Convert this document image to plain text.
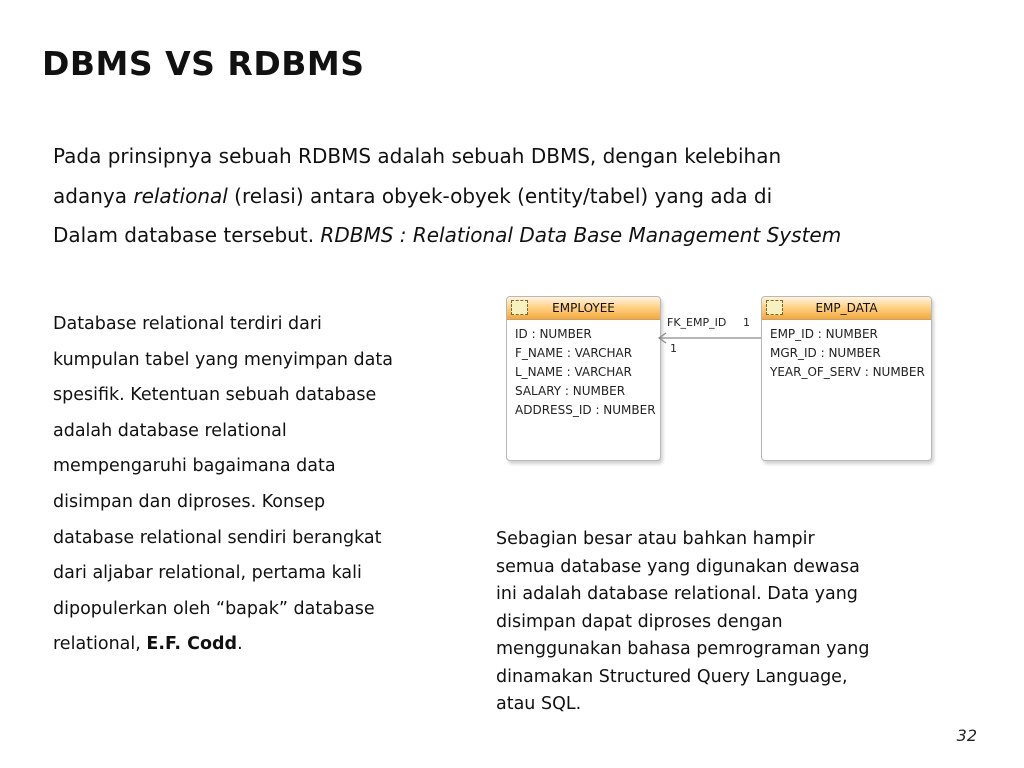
DBMS VS RDBMS

Pada prinsipnya sebuah RDBMS adalah sebuah DBMS, dengan kelebihan

adanya relational (relasi) antara obyek-obyek (entity/tabel) yang ada di

Dalam database tersebut. RDBMS : Relational Data Base Management System

Database relational terdiri dari

kumpulan tabel yang menyimpan data

spesifik. Ketentuan sebuah database

adalah database relational

mempengaruhi bagaimana data

disimpan dan diproses. Konsep

database relational sendiri berangkat

dari aljabar relational, pertama kali

dipopulerkan oleh “bapak” database

relational, E.F. Codd.

EMPLOYEE
ID : NUMBER
F_NAME : VARCHAR
L_NAME : VARCHAR
SALARY : NUMBER
ADDRESS_ID : NUMBER
EMP_DATA
EMP_ID : NUMBER
MGR_ID : NUMBER
YEAR_OF_SERV : NUMBER
FK_EMP_ID 1
1

Sebagian besar atau bahkan hampir

semua database yang digunakan dewasa

ini adalah database relational. Data yang

disimpan dapat diproses dengan

menggunakan bahasa pemrograman yang

dinamakan Structured Query Language,

atau SQL.

32
